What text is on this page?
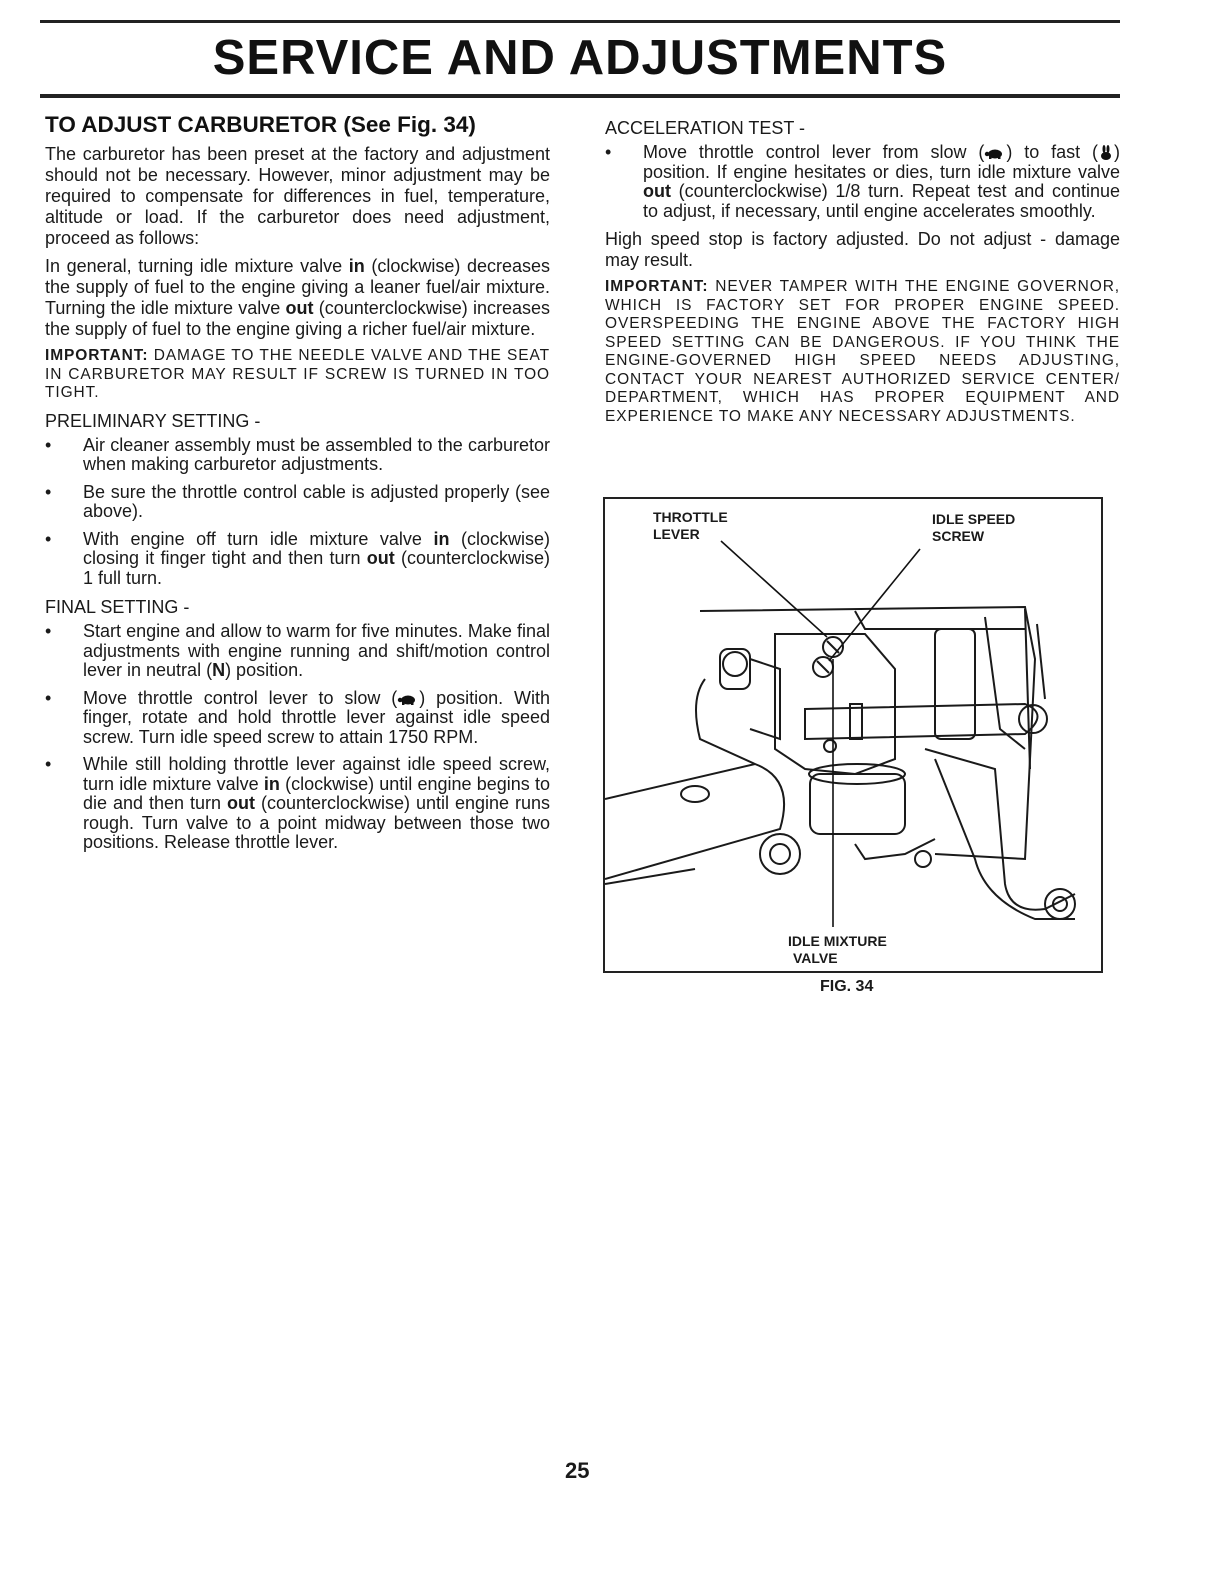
SERVICE AND ADJUSTMENTS
TO ADJUST CARBURETOR (See Fig. 34)

The carburetor has been preset at the factory and adjustment should not be necessary. However, minor adjustment may be required to compensate for differences in fuel, temperature, altitude or load. If the carburetor does need adjustment, proceed as follows:

In general, turning idle mixture valve in (clockwise) decreases the supply of fuel to the engine giving a leaner fuel/air mixture. Turning the idle mixture valve out (counterclockwise) increases the supply of fuel to the engine giving a richer fuel/air mixture.

IMPORTANT: DAMAGE TO THE NEEDLE VALVE AND THE SEAT IN CARBURETOR MAY RESULT IF SCREW IS TURNED IN TOO TIGHT.

PRELIMINARY SETTING -
• Air cleaner assembly must be assembled to the carburetor when making carburetor adjustments.
• Be sure the throttle control cable is adjusted properly (see above).
• With engine off turn idle mixture valve in (clockwise) closing it finger tight and then turn out (counterclockwise) 1 full turn.
FINAL SETTING -
• Start engine and allow to warm for five minutes. Make final adjustments with engine running and shift/motion control lever in neutral (N) position.
• Move throttle control lever to slow ( ) position. With finger, rotate and hold throttle lever against idle speed screw. Turn idle speed screw to attain 1750 RPM.
• While still holding throttle lever against idle speed screw, turn idle mixture valve in (clockwise) until engine begins to die and then turn out (counterclockwise) until engine runs rough. Turn valve to a point midway between those two positions. Release throttle lever.
ACCELERATION TEST -
• Move throttle control lever from slow ( ) to fast ( ) position. If engine hesitates or dies, turn idle mixture valve out (counterclockwise) 1/8 turn. Repeat test and continue to adjust, if necessary, until engine accelerates smoothly.

High speed stop is factory adjusted. Do not adjust - damage may result.

IMPORTANT: NEVER TAMPER WITH THE ENGINE GOVERNOR, WHICH IS FACTORY SET FOR PROPER ENGINE SPEED. OVERSPEEDING THE ENGINE ABOVE THE FACTORY HIGH SPEED SETTING CAN BE DANGEROUS. IF YOU THINK THE ENGINE-GOVERNED HIGH SPEED NEEDS ADJUSTING, CONTACT YOUR NEAREST AUTHORIZED SERVICE CENTER/ DEPARTMENT, WHICH HAS PROPER EQUIPMENT AND EXPERIENCE TO MAKE ANY NECESSARY ADJUSTMENTS.

THROTTLE
LEVER
IDLE SPEED
SCREW
IDLE MIXTURE
VALVE
FIG. 34
25
